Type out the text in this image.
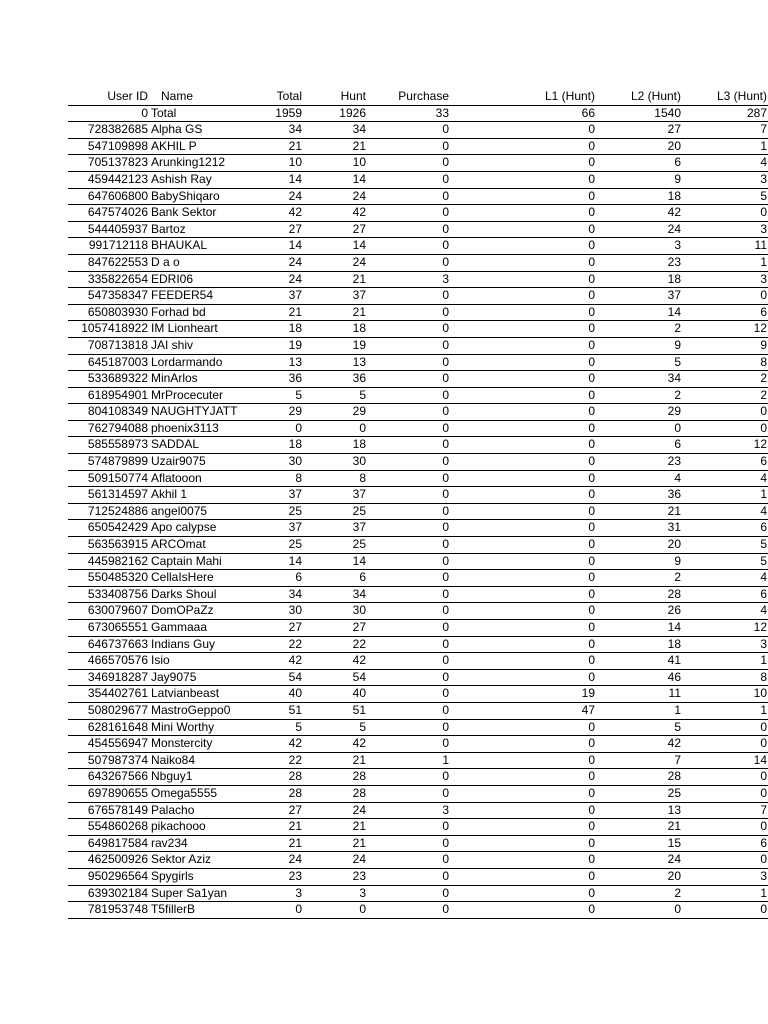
User ID	Name	Total	Hunt	Purchase	L1 (Hunt)	L2 (Hunt)	L3 (Hunt)
0	Total	1959	1926	33	66	1540	287
728382685	Alpha GS	34	34	0	0	27	7
547109898	AKHIL P	21	21	0	0	20	1
705137823	Arunking1212	10	10	0	0	6	4
459442123	Ashish Ray	14	14	0	0	9	3
647606800	BabyShiqaro	24	24	0	0	18	5
647574026	Bank Sektor	42	42	0	0	42	0
544405937	Bartoz	27	27	0	0	24	3
991712118	BHAUKAL	14	14	0	0	3	11
847622553	D a o	24	24	0	0	23	1
335822654	EDRI06	24	21	3	0	18	3
547358347	FEEDER54	37	37	0	0	37	0
650803930	Forhad bd	21	21	0	0	14	6
1057418922	IM Lionheart	18	18	0	0	2	12
708713818	JAI shiv	19	19	0	0	9	9
645187003	Lordarmando	13	13	0	0	5	8
533689322	MinArlos	36	36	0	0	34	2
618954901	MrProcecuter	5	5	0	0	2	2
804108349	NAUGHTYJATT	29	29	0	0	29	0
762794088	phoenix3113	0	0	0	0	0	0
585558973	SADDAL	18	18	0	0	6	12
574879899	Uzair9075	30	30	0	0	23	6
509150774	Aflatooon	8	8	0	0	4	4
561314597	Akhil 1	37	37	0	0	36	1
712524886	angel0075	25	25	0	0	21	4
650542429	Apo calypse	37	37	0	0	31	6
563563915	ARCOmat	25	25	0	0	20	5
445982162	Captain Mahi	14	14	0	0	9	5
550485320	CellaIsHere	6	6	0	0	2	4
533408756	Darks Shoul	34	34	0	0	28	6
630079607	DomOPaZz	30	30	0	0	26	4
673065551	Gammaaa	27	27	0	0	14	12
646737663	Indians Guy	22	22	0	0	18	3
466570576	Isio	42	42	0	0	41	1
346918287	Jay9075	54	54	0	0	46	8
354402761	Latvianbeast	40	40	0	19	11	10
508029677	MastroGeppo0	51	51	0	47	1	1
628161648	Mini Worthy	5	5	0	0	5	0
454556947	Monstercity	42	42	0	0	42	0
507987374	Naiko84	22	21	1	0	7	14
643267566	Nbguy1	28	28	0	0	28	0
697890655	Omega5555	28	28	0	0	25	0
676578149	Palacho	27	24	3	0	13	7
554860268	pikachooo	21	21	0	0	21	0
649817584	rav234	21	21	0	0	15	6
462500926	Sektor Aziz	24	24	0	0	24	0
950296564	Spygirls	23	23	0	0	20	3
639302184	Super Sa1yan	3	3	0	0	2	1
781953748	T5fillerB	0	0	0	0	0	0
